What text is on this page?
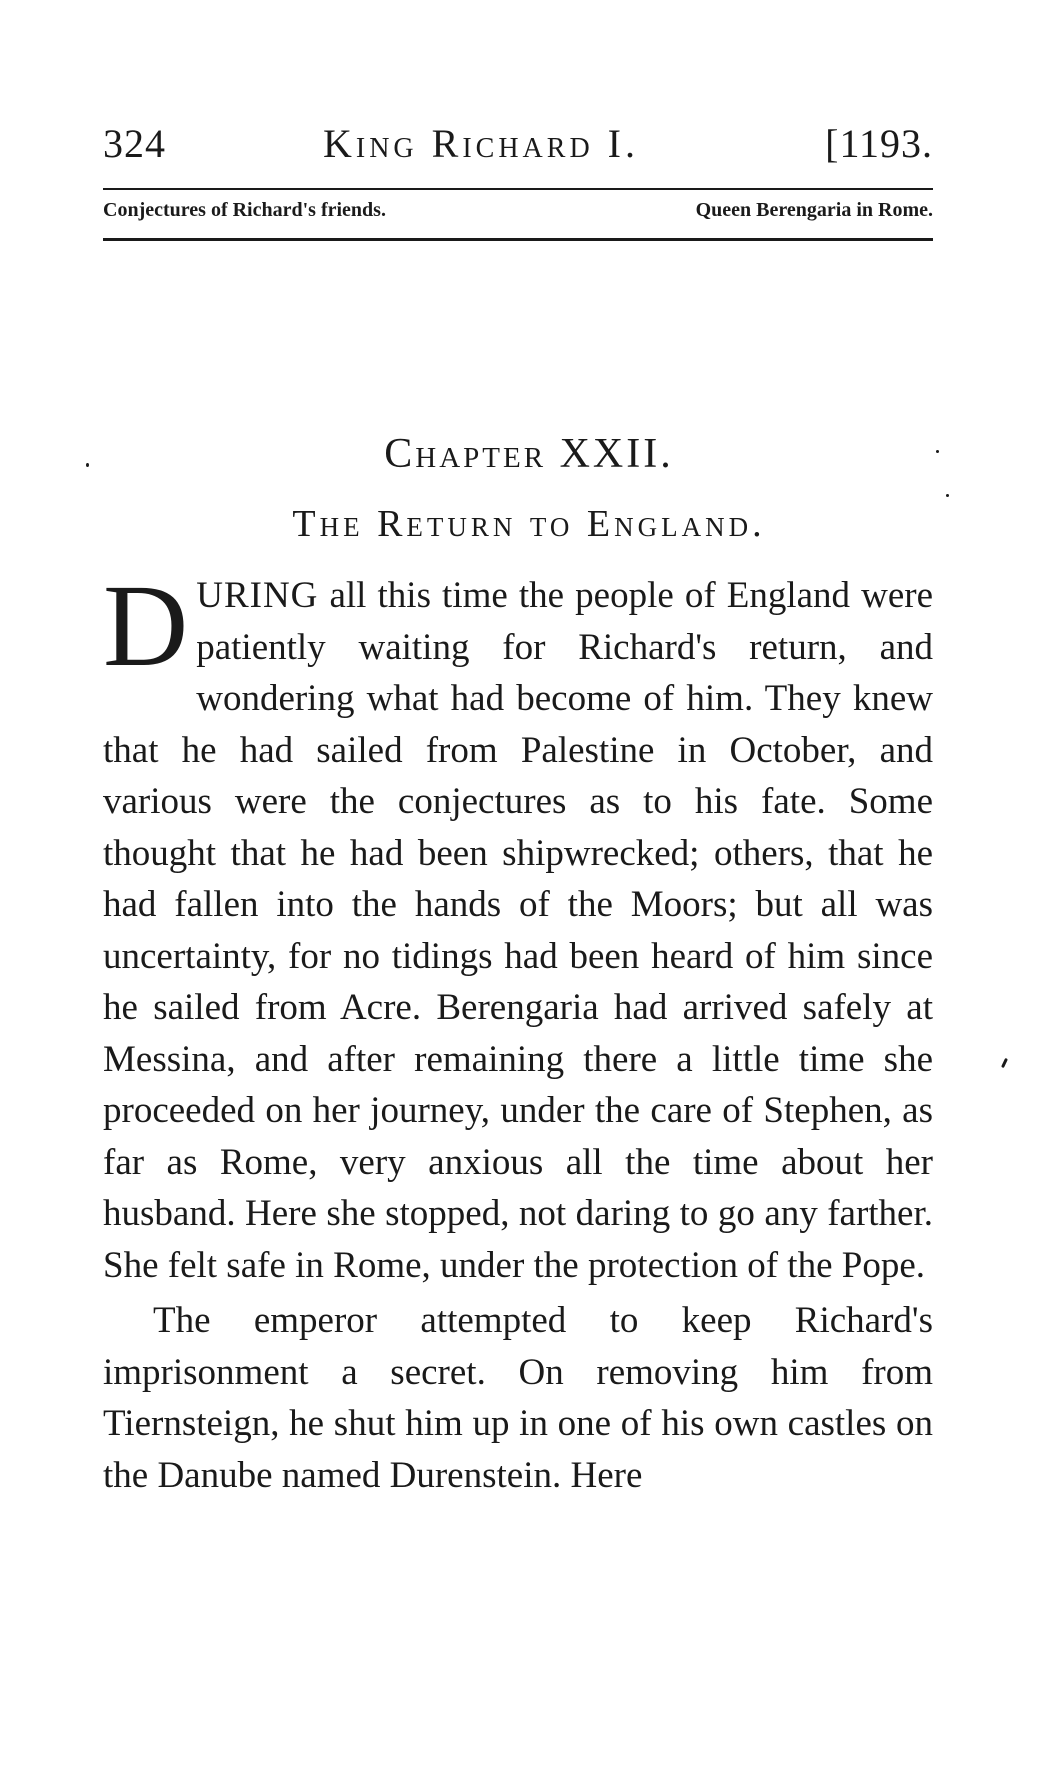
324	King Richard I.	[1193.
Conjectures of Richard's friends.	Queen Berengaria in Rome.
Chapter XXII.
The Return to England.

DURING all this time the people of England were patiently waiting for Richard's return, and wondering what had become of him. They knew that he had sailed from Palestine in October, and various were the conjectures as to his fate. Some thought that he had been shipwrecked; others, that he had fallen into the hands of the Moors; but all was uncertainty, for no tidings had been heard of him since he sailed from Acre. Berengaria had arrived safely at Messina, and after remaining there a little time she proceeded on her journey, under the care of Stephen, as far as Rome, very anxious all the time about her husband. Here she stopped, not daring to go any farther. She felt safe in Rome, under the protection of the Pope.

The emperor attempted to keep Richard's imprisonment a secret. On removing him from Tiernsteign, he shut him up in one of his own castles on the Danube named Durenstein. Here
